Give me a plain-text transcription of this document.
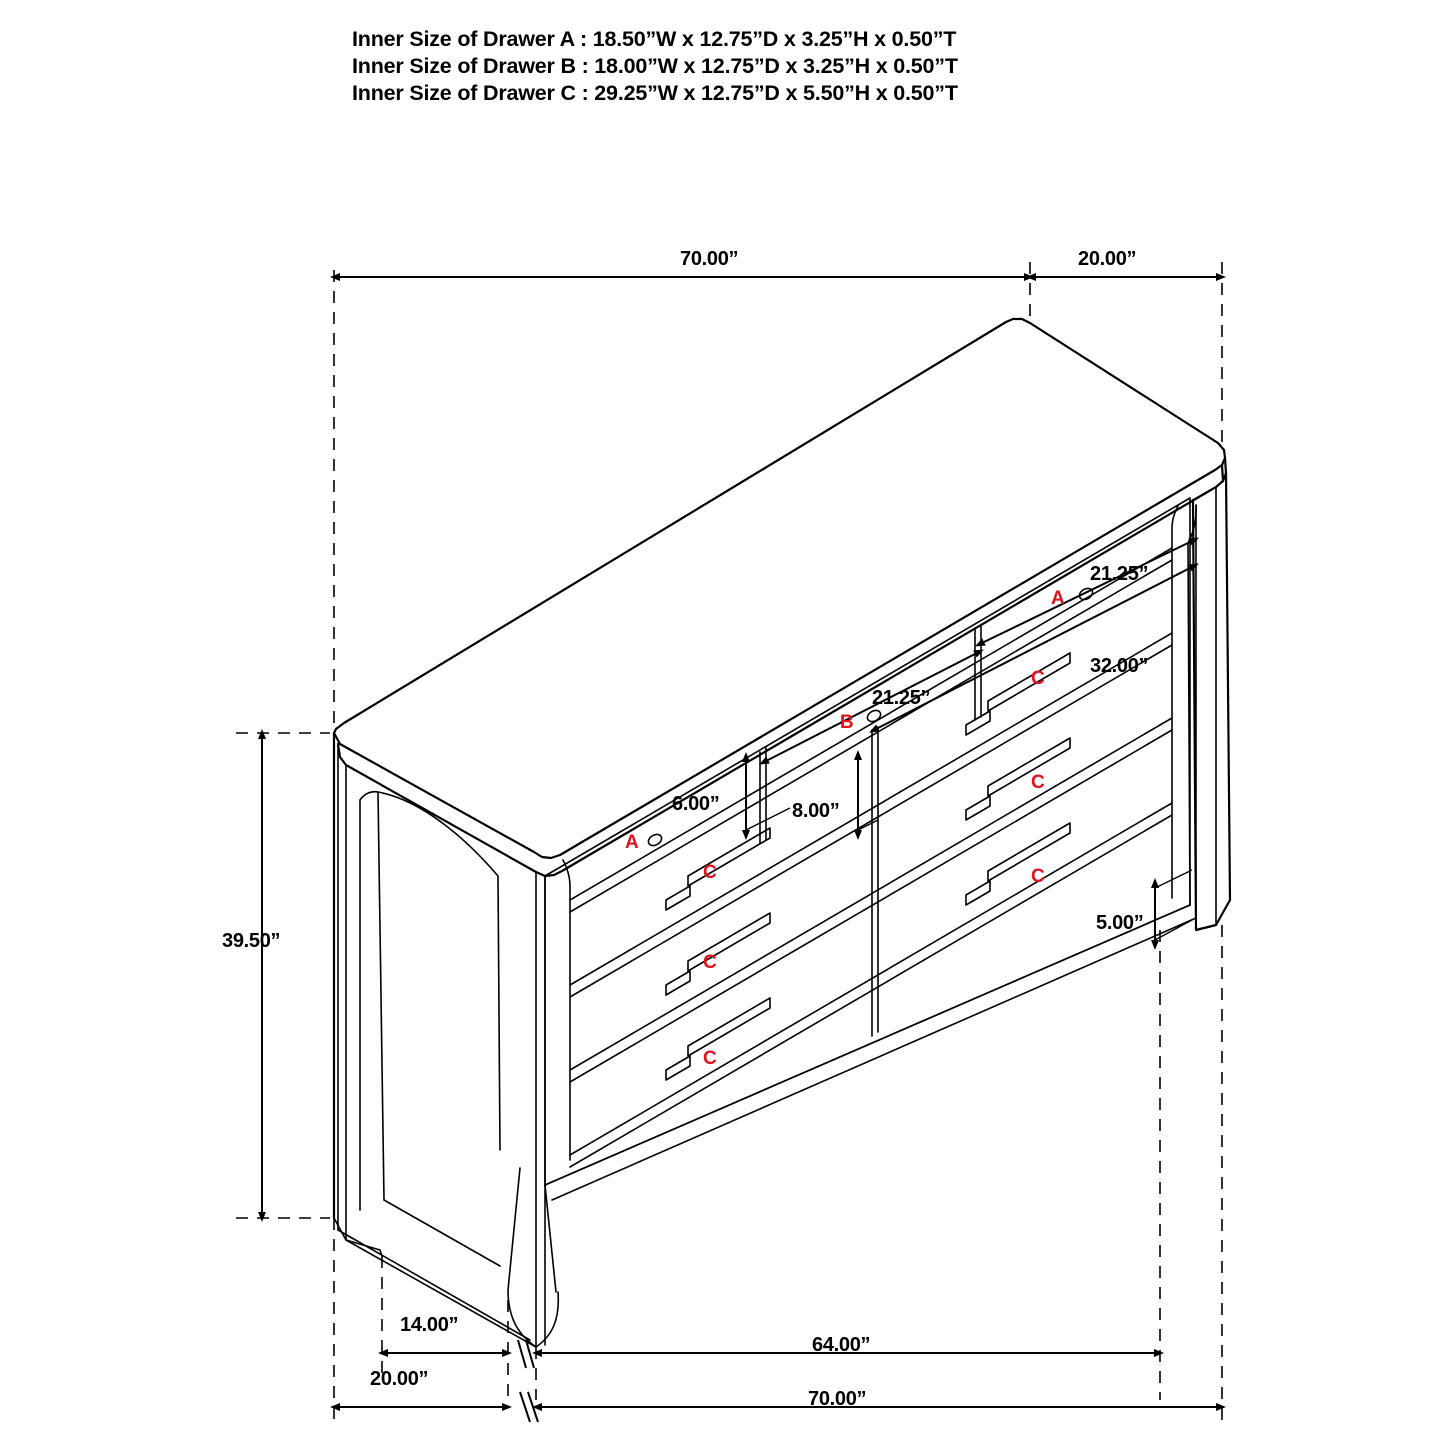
Inner Size of Drawer A : 18.50”W x 12.75”D x 3.25”H x 0.50”T
Inner Size of Drawer B : 18.00”W x 12.75”D x 3.25”H x 0.50”T
Inner Size of Drawer C : 29.25”W x 12.75”D x 5.50”H x 0.50”T
70.00”	20.00”
39.50”
21.25”
32.00”
21.25”
6.00”	8.00”
5.00”
14.00”
64.00”
20.00”
70.00”
A
A
B
C
C
C
C
C
C
